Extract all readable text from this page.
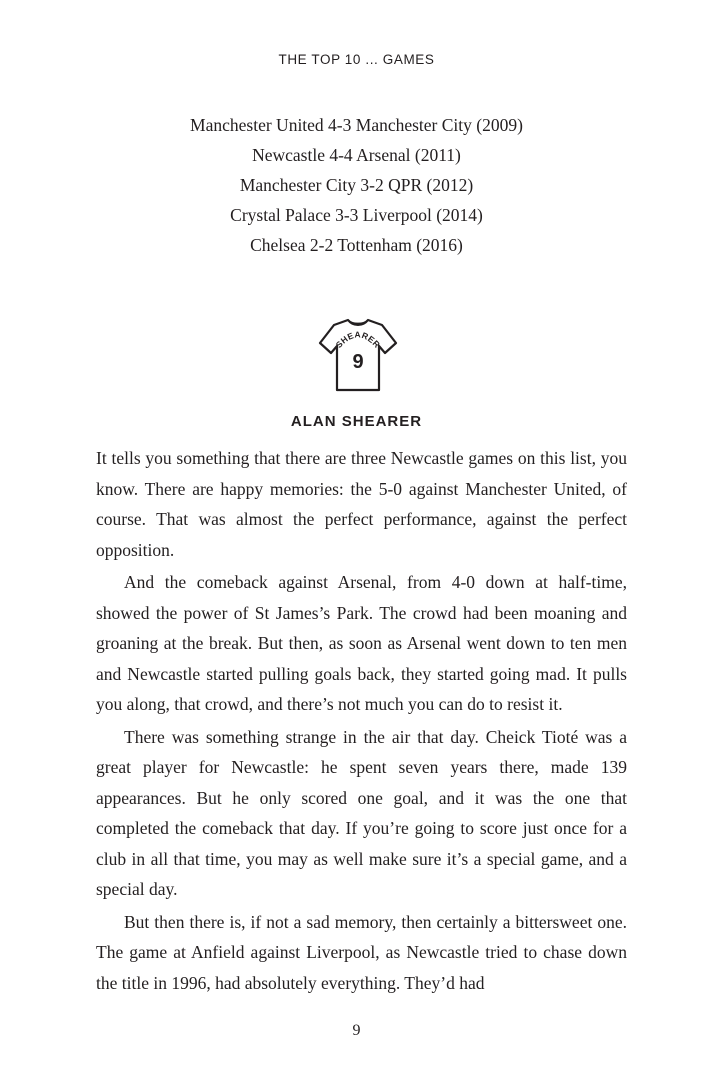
THE TOP 10 ... GAMES
Manchester United 4-3 Manchester City (2009)
Newcastle 4-4 Arsenal (2011)
Manchester City 3-2 QPR (2012)
Crystal Palace 3-3 Liverpool (2014)
Chelsea 2-2 Tottenham (2016)
SHEARER
9
ALAN SHEARER

It tells you something that there are three Newcastle games on this list, you know. There are happy memories: the 5-0 against Manchester United, of course. That was almost the perfect performance, against the perfect opposition.

And the comeback against Arsenal, from 4-0 down at half-time, showed the power of St James’s Park. The crowd had been moaning and groaning at the break. But then, as soon as Arsenal went down to ten men and Newcastle started pulling goals back, they started going mad. It pulls you along, that crowd, and there’s not much you can do to resist it.

There was something strange in the air that day. Cheick Tioté was a great player for Newcastle: he spent seven years there, made 139 appearances. But he only scored one goal, and it was the one that completed the comeback that day. If you’re going to score just once for a club in all that time, you may as well make sure it’s a special game, and a special day.

But then there is, if not a sad memory, then certainly a bittersweet one. The game at Anfield against Liverpool, as Newcastle tried to chase down the title in 1996, had absolutely everything. They’d had

9
